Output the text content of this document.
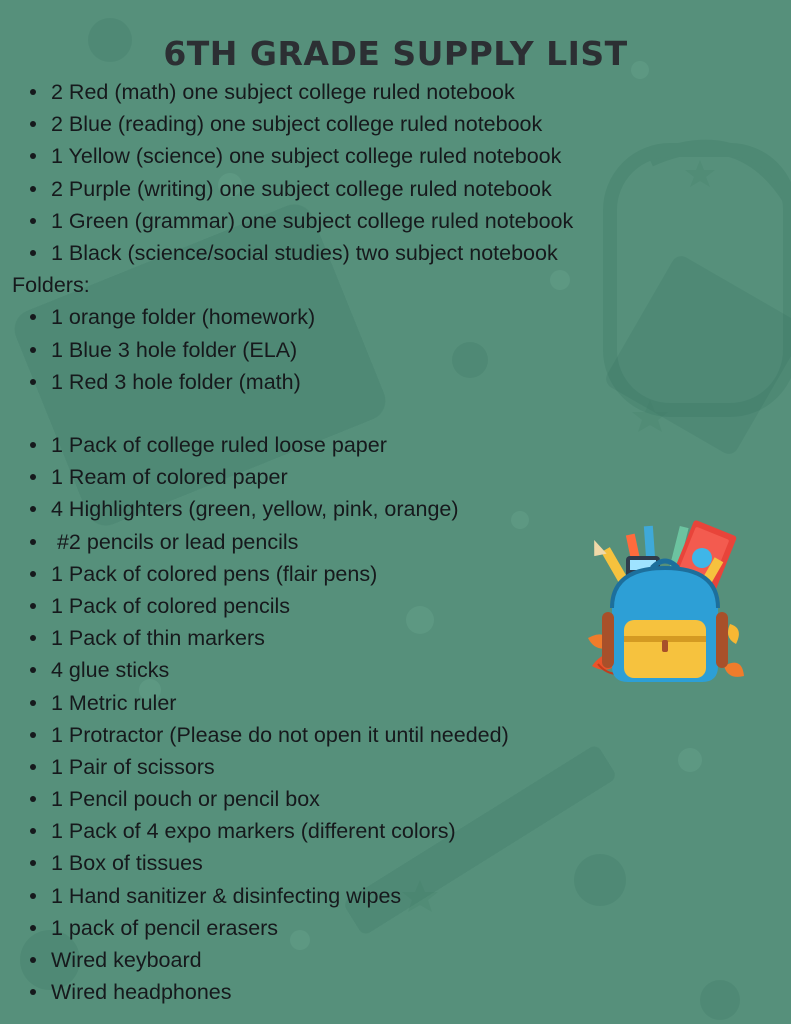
6TH GRADE SUPPLY LIST
2 Red (math) one subject college ruled notebook
2 Blue (reading) one subject college ruled notebook
1 Yellow (science) one subject college ruled notebook
2 Purple (writing) one subject college ruled notebook
1 Green (grammar) one subject college ruled notebook
1 Black (science/social studies) two subject notebook
Folders:
1 orange folder (homework)
1 Blue 3 hole folder (ELA)
1 Red 3 hole folder (math)
1 Pack of college ruled loose paper
1 Ream of colored paper
4 Highlighters (green, yellow, pink, orange)
#2 pencils or lead pencils
1 Pack of colored pens (flair pens)
1 Pack of colored pencils
1 Pack of thin markers
4 glue sticks
1 Metric ruler
1 Protractor (Please do not open it until needed)
1 Pair of scissors
1 Pencil pouch or pencil box
1 Pack of 4 expo markers (different colors)
1 Box of tissues
1 Hand sanitizer & disinfecting wipes
1 pack of pencil erasers
Wired keyboard
Wired headphones
